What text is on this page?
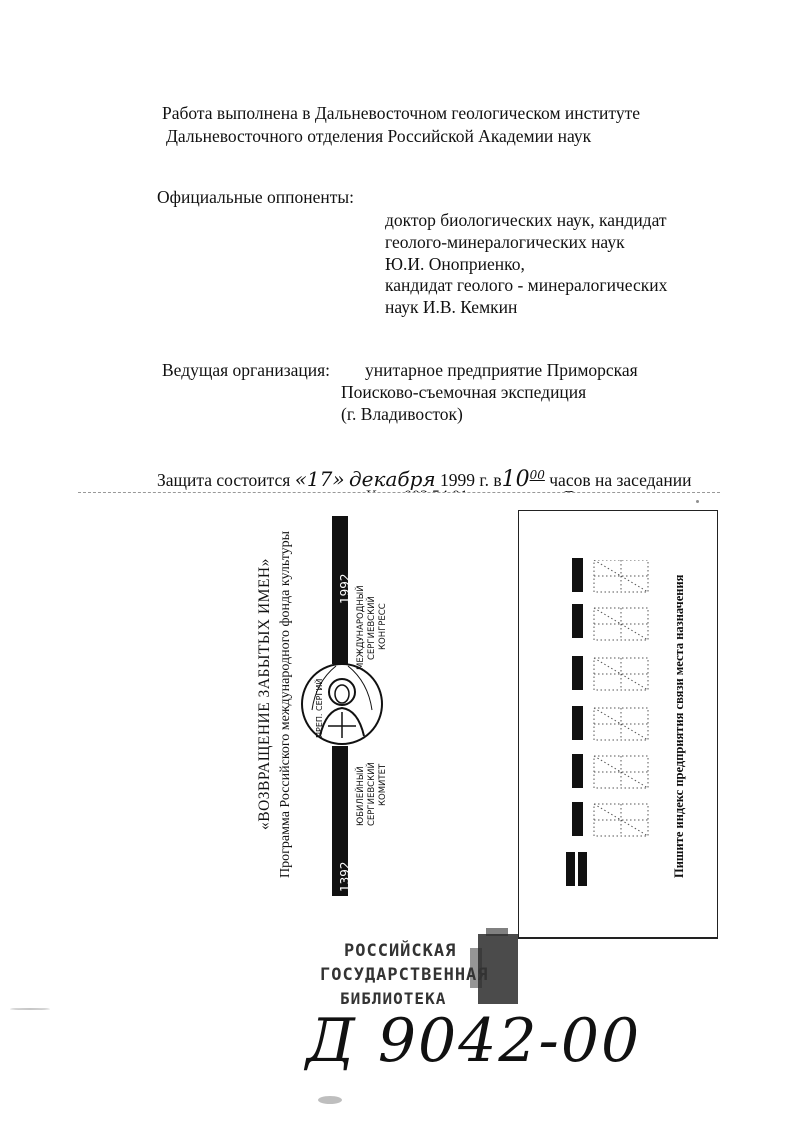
Работа выполнена в Дальневосточном геологическом институте
Дальневосточного отделения Российской Академии наук
Официальные оппоненты:
доктор биологических наук, кандидат
геолого-минералогических наук
Ю.И. Оноприенко,
кандидат геолого - минералогических
наук И.В. Кемкин
Ведущая организация: унитарное предприятие Приморская
Поисково-съемочная экспедиция
(г. Владивосток)
Защита состоится «17» декабря 1999 г. $в10^{00}$ часов на заседании
«ВОЗВРАЩЕНИЕ ЗАБЫТЫХ ИМЕН» Программа Российского международного фонда культуры	1992
1392
ПРЕП. СЕРГИЙ
МЕЖДУНАРОДНЫЙ СЕРГИЕВСКИЙ КОНГРЕСС
ЮБИЛЕЙНЫЙ СЕРГИЕВСКИЙ КОМИТЕТ	Пишите индекс предприятия связи места назначения
РОССИЙСКАЯ
ГОСУДАРСТВЕННАЯ
БИБЛИОТЕКА
Д 9042-00
